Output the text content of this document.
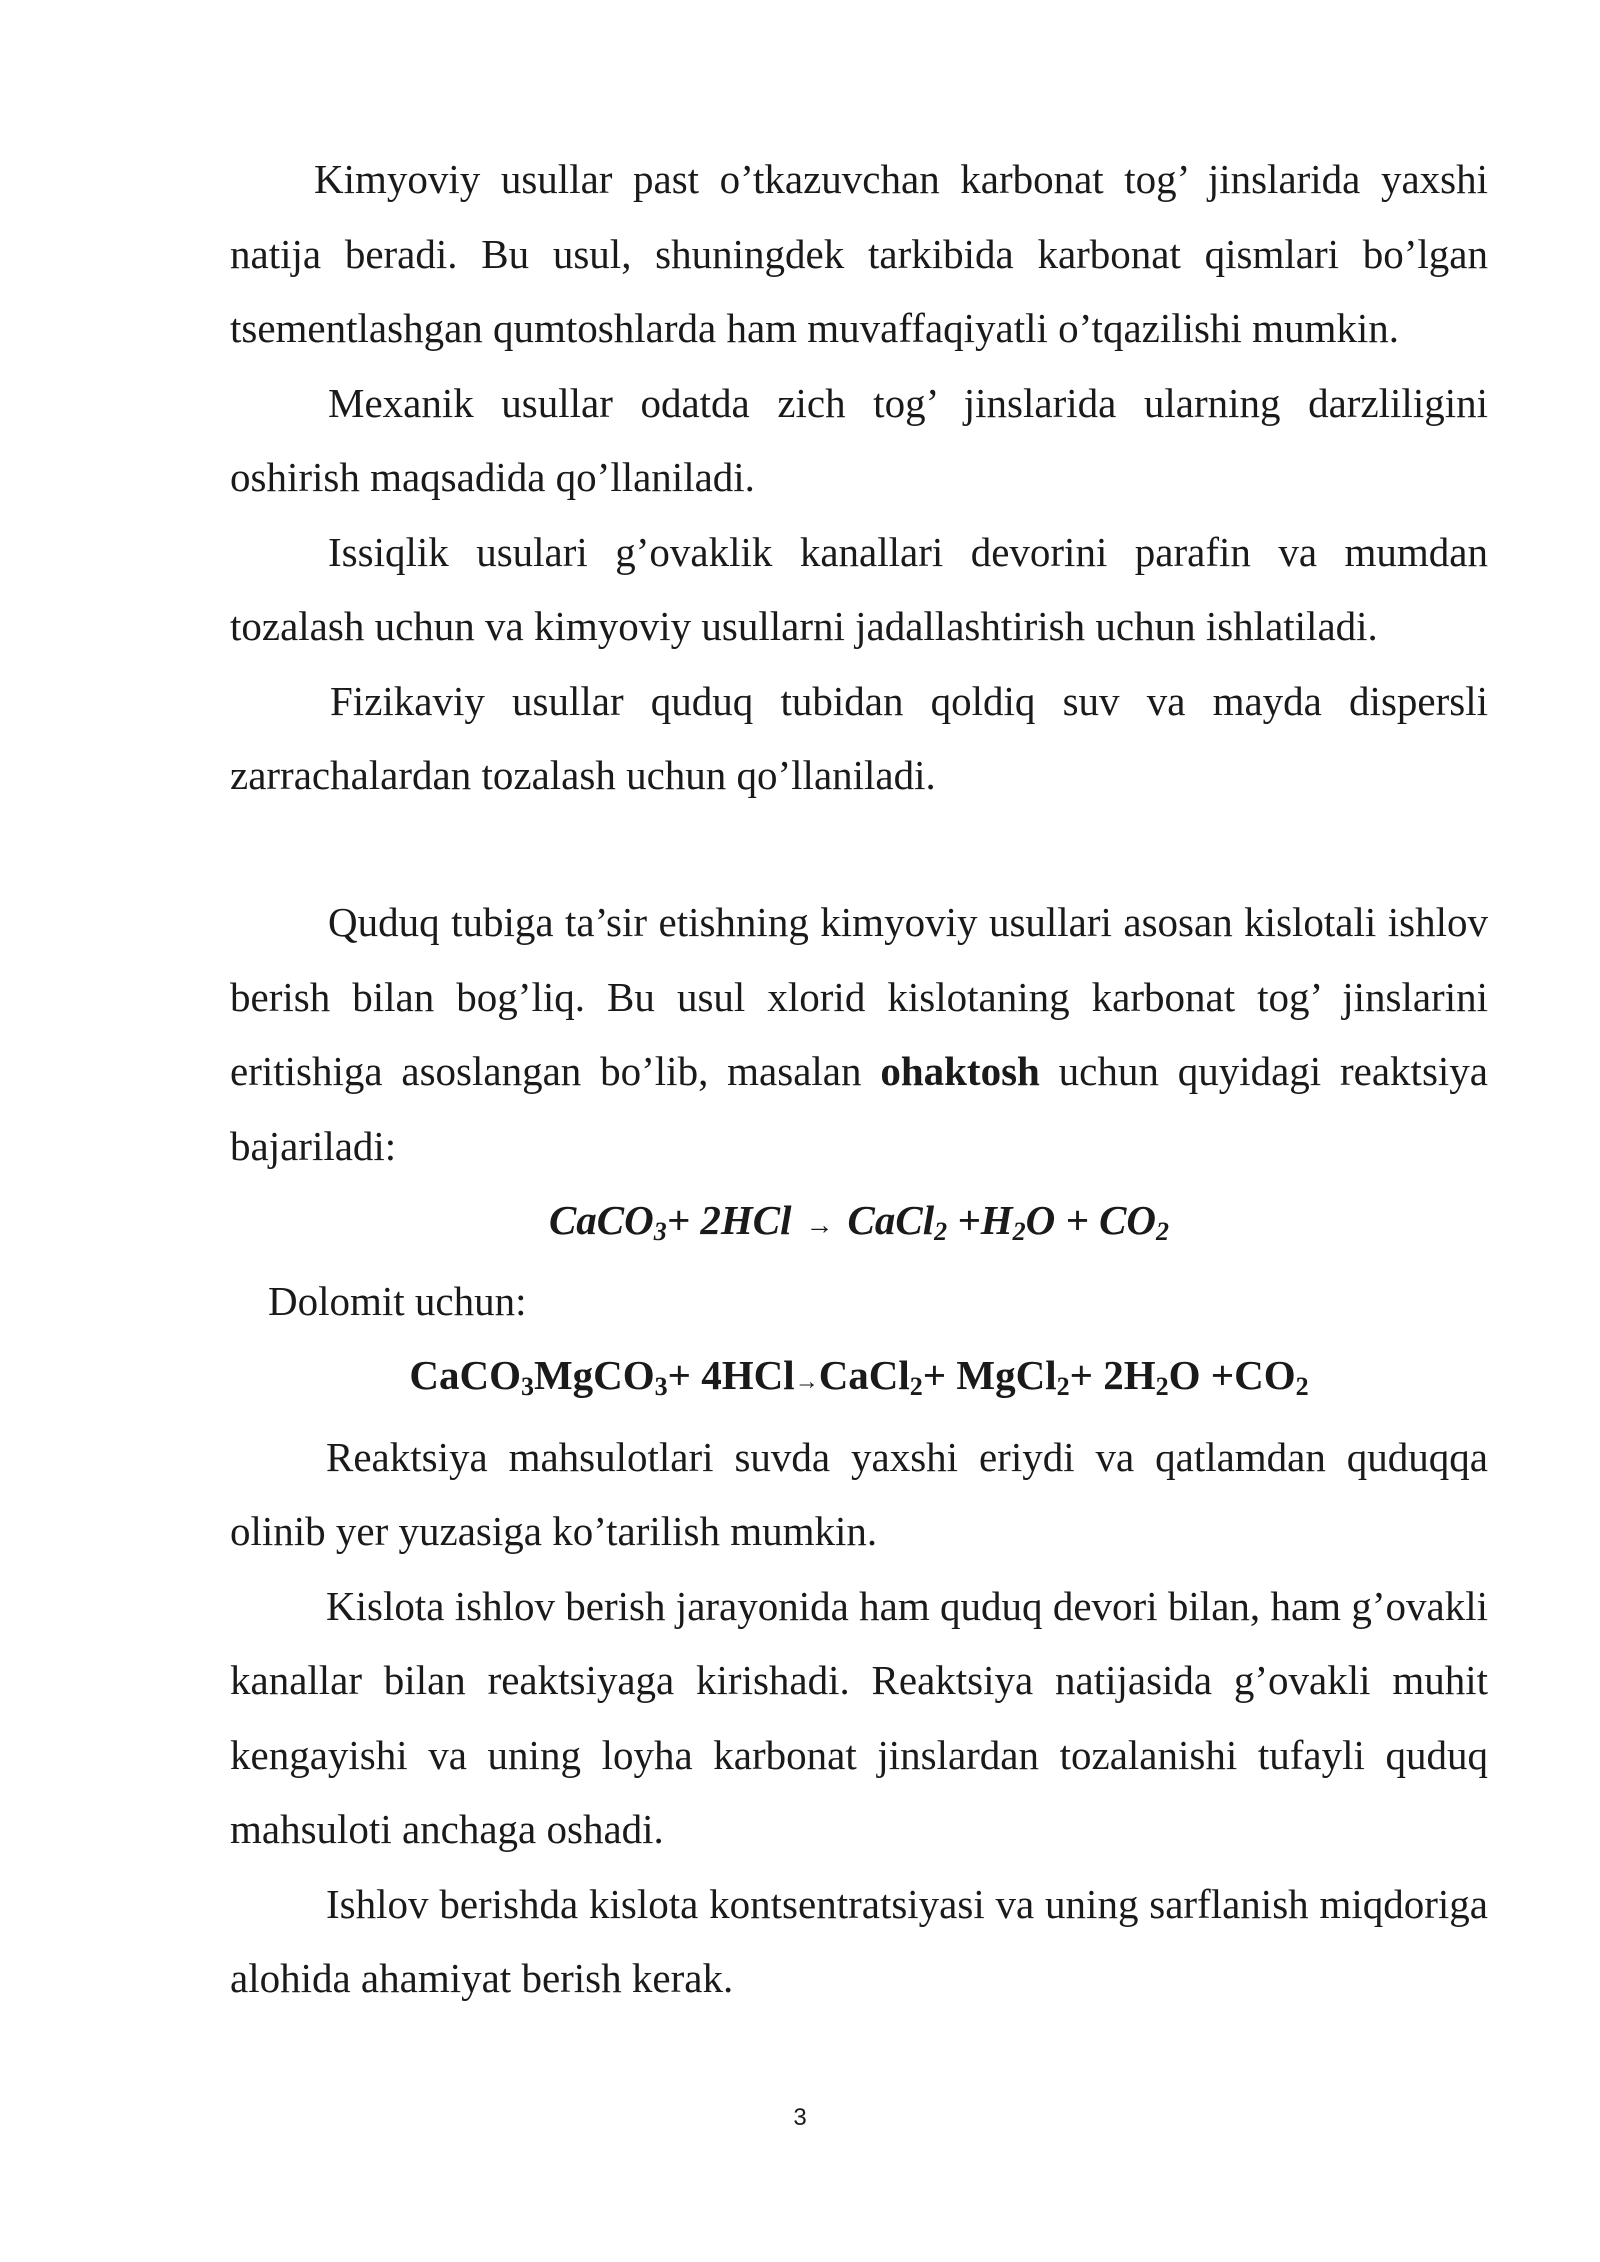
Kimyoviy usullar past o’tkazuvchan karbonat tog’ jinslarida yaxshi natija beradi. Bu usul, shuningdek tarkibida karbonat qismlari bo’lgan tsementlashgan qumtoshlarda ham muvaffaqiyatli o’tqazilishi mumkin.

Mexanik usullar odatda zich tog’ jinslarida ularning darzliligini oshirish maqsadida qo’llaniladi.

Issiqlik usulari g’ovaklik kanallari devorini parafin va mumdan tozalash uchun va kimyoviy usullarni jadallashtirish uchun ishlatiladi.

Fizikaviy usullar quduq tubidan qoldiq suv va mayda dispersli zarrachalardan tozalash uchun qo’llaniladi.

Quduq tubiga ta’sir etishning kimyoviy usullari asosan kislotali ishlov berish bilan bog’liq. Bu usul xlorid kislotaning karbonat tog’ jinslarini eritishiga asoslangan bo’lib, masalan ohaktosh uchun quyidagi reaktsiya bajariladi:

CaCO$_3$+ 2HCl → CaCl$_2$ $+H_2O + CO_2$

Dolomit uchun:

CaCO$_3$MgCO$_3$+ 4HCl→CaCl$_2$+ MgCl$_2$+ $2H_2O +CO_2$

Reaktsiya mahsulotlari suvda yaxshi eriydi va qatlamdan quduqqa olinib yer yuzasiga ko’tarilish mumkin.

Kislota ishlov berish jarayonida ham quduq devori bilan, ham g’ovakli kanallar bilan reaktsiyaga kirishadi. Reaktsiya natijasida g’ovakli muhit kengayishi va uning loyha karbonat jinslardan tozalanishi tufayli quduq mahsuloti anchaga oshadi.

Ishlov berishda kislota kontsentratsiyasi va uning sarflanish miqdoriga alohida ahamiyat berish kerak.

3
